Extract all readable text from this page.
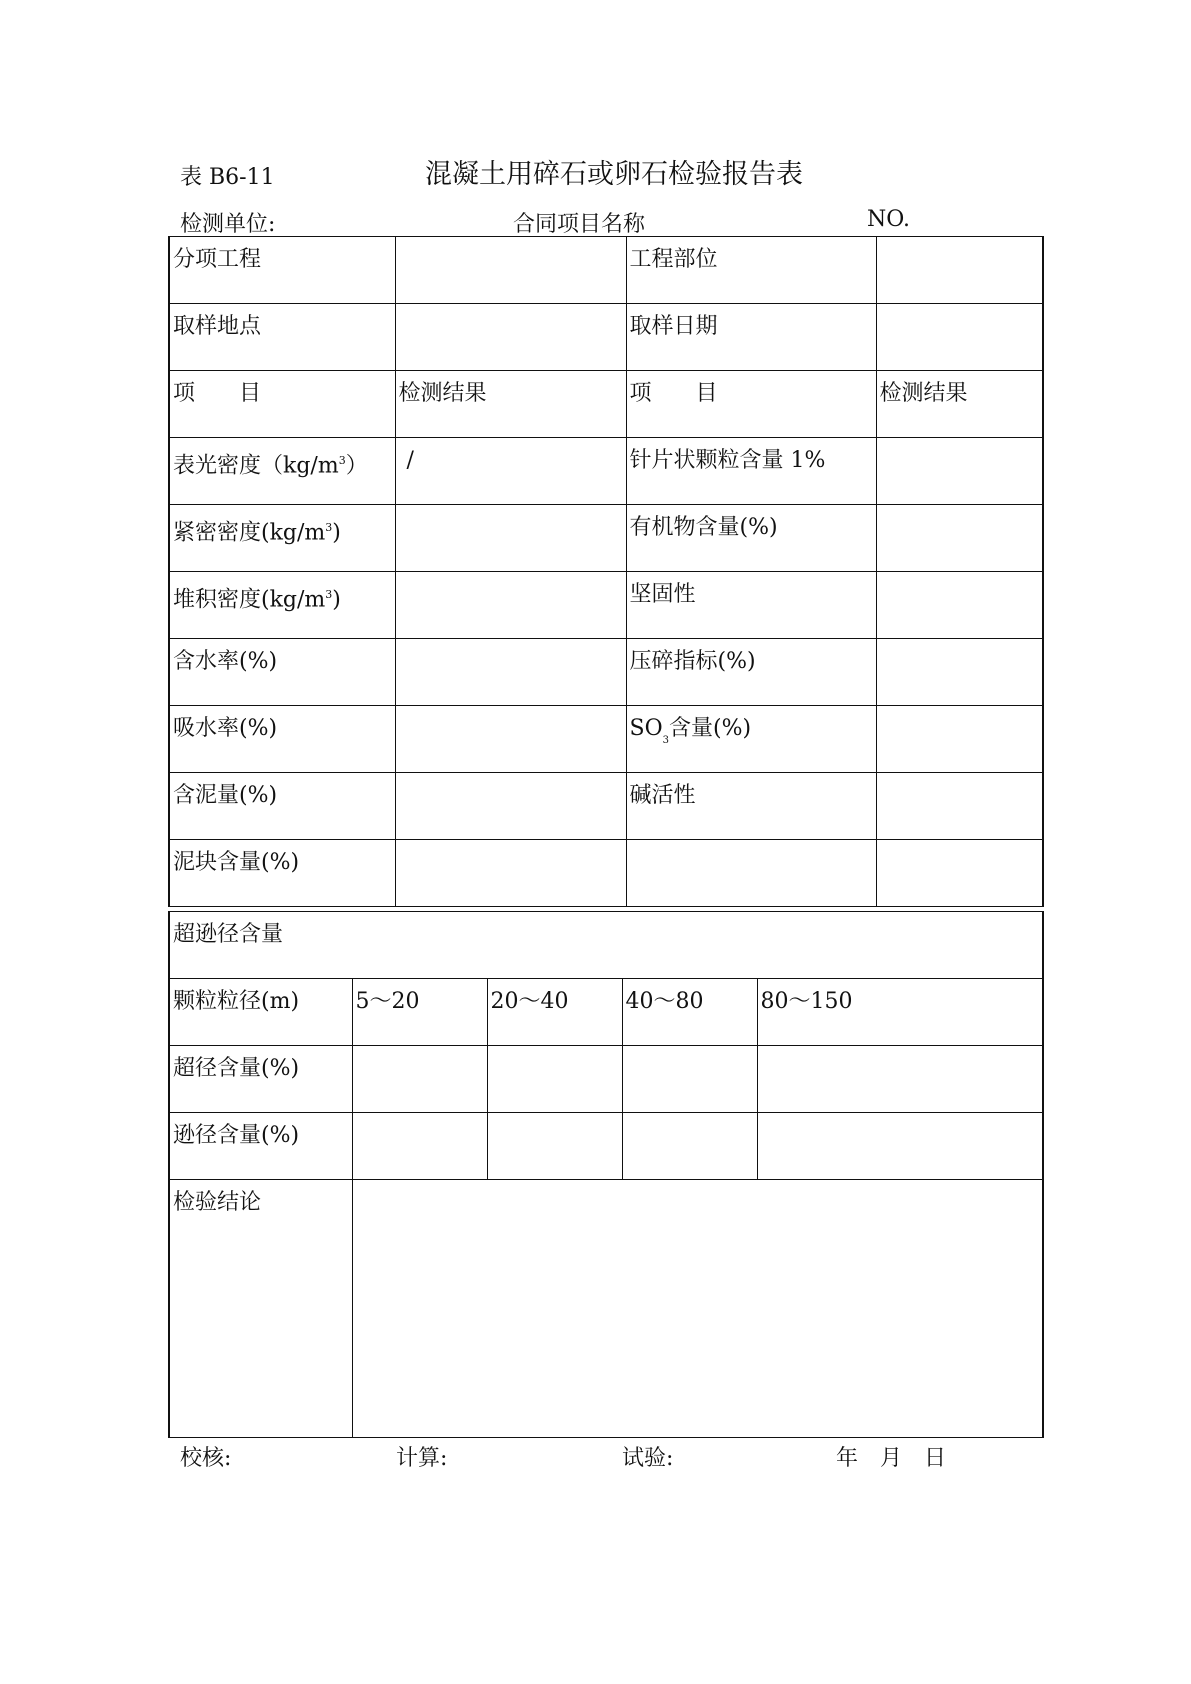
表 B6-11	混凝土用碎石或卵石检验报告表
检测单位:	合同项目名称	NO.
分项工程		工程部位	
取样地点		取样日期	
项　　目	检测结果	项　　目	检测结果
表光密度$(kg/m^3)$	/	针片状颗粒含量 1%	
紧密密度$(kg/m^3)$		有机物含量(%)	
堆积密度$(kg/m^3)$		坚固性	
含水率(%)		压碎指标(%)	
吸水率(%)		$SO_3$含量(%)	
含泥量(%)		碱活性	
泥块含量(%)			
超逊径含量				
颗粒粒径(m)	5～20	20～40	40～80	80～150
超径含量(%)				
逊径含量(%)				
检验结论				
校核:	计算:	试验:	年　月　日
